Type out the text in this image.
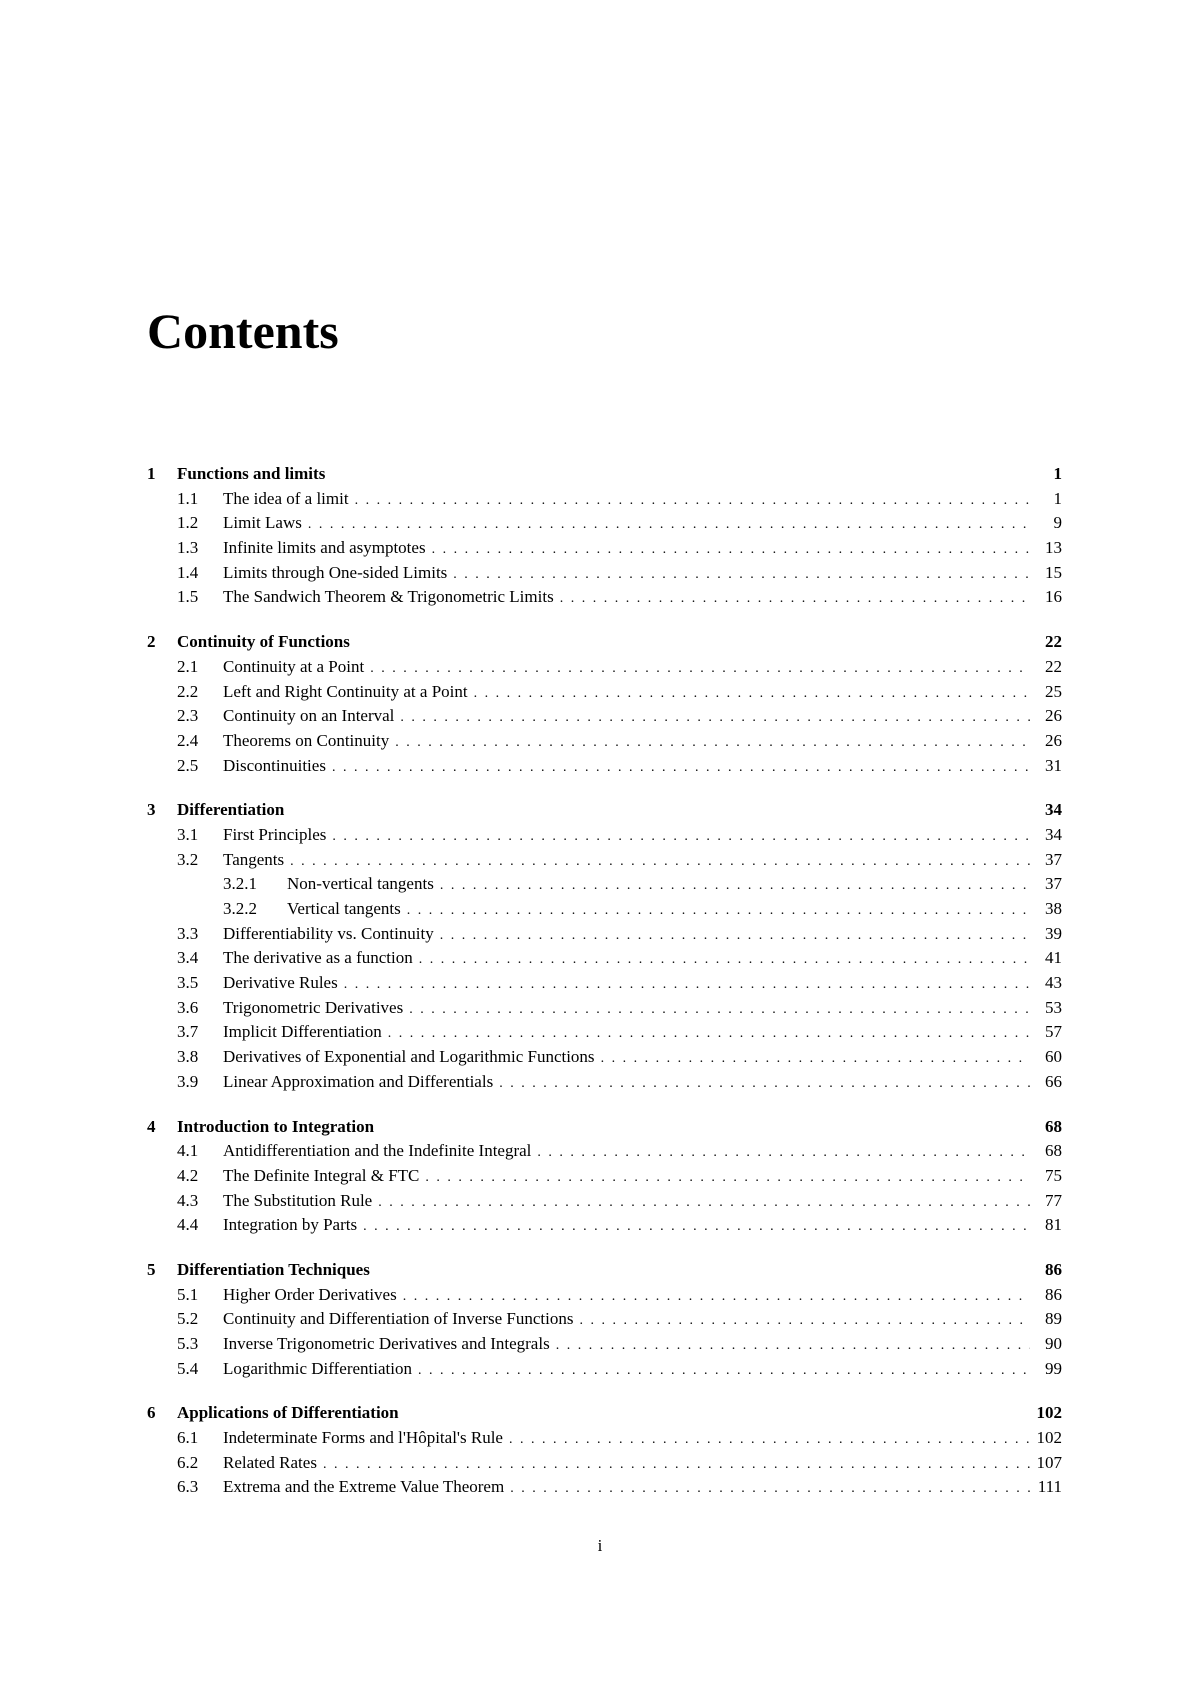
Contents
1	Functions and limits	1
1.1	The idea of a limit . . .	1
1.2	Limit Laws . . .	9
1.3	Infinite limits and asymptotes . . .	13
1.4	Limits through One-sided Limits . . .	15
1.5	The Sandwich Theorem & Trigonometric Limits . . .	16
2	Continuity of Functions	22
2.1	Continuity at a Point . . .	22
2.2	Left and Right Continuity at a Point . . .	25
2.3	Continuity on an Interval . . .	26
2.4	Theorems on Continuity . . .	26
2.5	Discontinuities . . .	31
3	Differentiation	34
3.1	First Principles . . .	34
3.2	Tangents . . .	37
3.2.1	Non-vertical tangents . . .	37
3.2.2	Vertical tangents . . .	38
3.3	Differentiability vs. Continuity . . .	39
3.4	The derivative as a function . . .	41
3.5	Derivative Rules . . .	43
3.6	Trigonometric Derivatives . . .	53
3.7	Implicit Differentiation . . .	57
3.8	Derivatives of Exponential and Logarithmic Functions . . .	60
3.9	Linear Approximation and Differentials . . .	66
4	Introduction to Integration	68
4.1	Antidifferentiation and the Indefinite Integral . . .	68
4.2	The Definite Integral & FTC . . .	75
4.3	The Substitution Rule . . .	77
4.4	Integration by Parts . . .	81
5	Differentiation Techniques	86
5.1	Higher Order Derivatives . . .	86
5.2	Continuity and Differentiation of Inverse Functions . . .	89
5.3	Inverse Trigonometric Derivatives and Integrals . . .	90
5.4	Logarithmic Differentiation . . .	99
6	Applications of Differentiation	102
6.1	Indeterminate Forms and l'Hôpital's Rule . . .	102
6.2	Related Rates . . .	107
6.3	Extrema and the Extreme Value Theorem . . .	111
i
